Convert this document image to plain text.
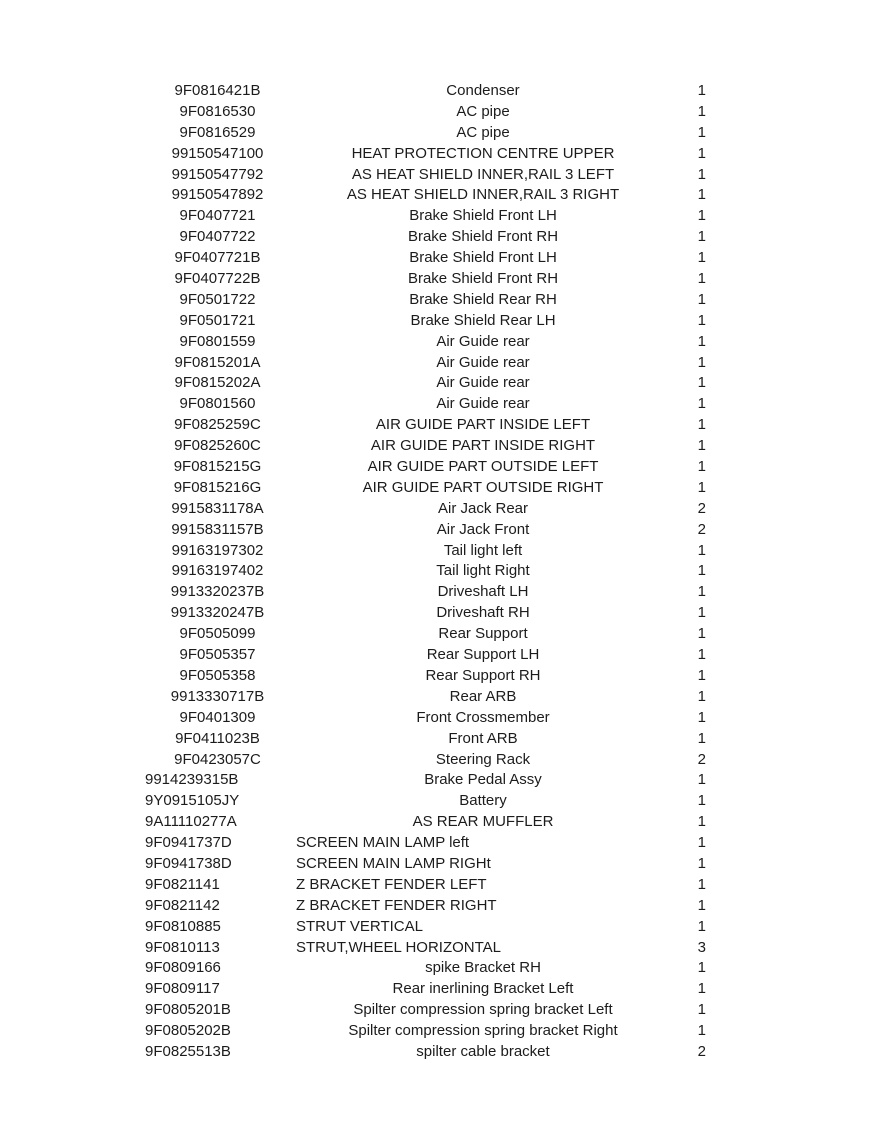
9F0816421B	Condenser	1
9F0816530	AC pipe	1
9F0816529	AC pipe	1
99150547100	HEAT PROTECTION CENTRE UPPER	1
99150547792	AS HEAT SHIELD INNER,RAIL 3 LEFT	1
99150547892	AS HEAT SHIELD INNER,RAIL 3 RIGHT	1
9F0407721	Brake Shield Front LH	1
9F0407722	Brake Shield Front RH	1
9F0407721B	Brake Shield Front LH	1
9F0407722B	Brake Shield Front RH	1
9F0501722	Brake Shield Rear RH	1
9F0501721	Brake Shield Rear LH	1
9F0801559	Air Guide rear	1
9F0815201A	Air Guide rear	1
9F0815202A	Air Guide rear	1
9F0801560	Air Guide rear	1
9F0825259C	AIR GUIDE PART INSIDE LEFT	1
9F0825260C	AIR GUIDE PART INSIDE RIGHT	1
9F0815215G	AIR GUIDE PART OUTSIDE LEFT	1
9F0815216G	AIR GUIDE PART OUTSIDE RIGHT	1
9915831178A	Air Jack Rear	2
9915831157B	Air Jack Front	2
99163197302	Tail light left	1
99163197402	Tail light Right	1
9913320237B	Driveshaft LH	1
9913320247B	Driveshaft RH	1
9F0505099	Rear Support	1
9F0505357	Rear Support LH	1
9F0505358	Rear Support RH	1
9913330717B	Rear ARB	1
9F0401309	Front Crossmember	1
9F0411023B	Front ARB	1
9F0423057C	Steering Rack	2
9914239315B	Brake Pedal Assy	1
9Y0915105JY	Battery	1
9A11110277A	AS REAR MUFFLER	1
9F0941737D	SCREEN MAIN LAMP left	1
9F0941738D	SCREEN MAIN LAMP RIGHt	1
9F0821141	Z BRACKET FENDER LEFT	1
9F0821142	Z BRACKET FENDER RIGHT	1
9F0810885	STRUT VERTICAL	1
9F0810113	STRUT,WHEEL HORIZONTAL	3
9F0809166	spike Bracket RH	1
9F0809117	Rear inerlining Bracket Left	1
9F0805201B	Spilter compression spring bracket Left	1
9F0805202B	Spilter compression spring bracket Right	1
9F0825513B	spilter cable bracket	2
